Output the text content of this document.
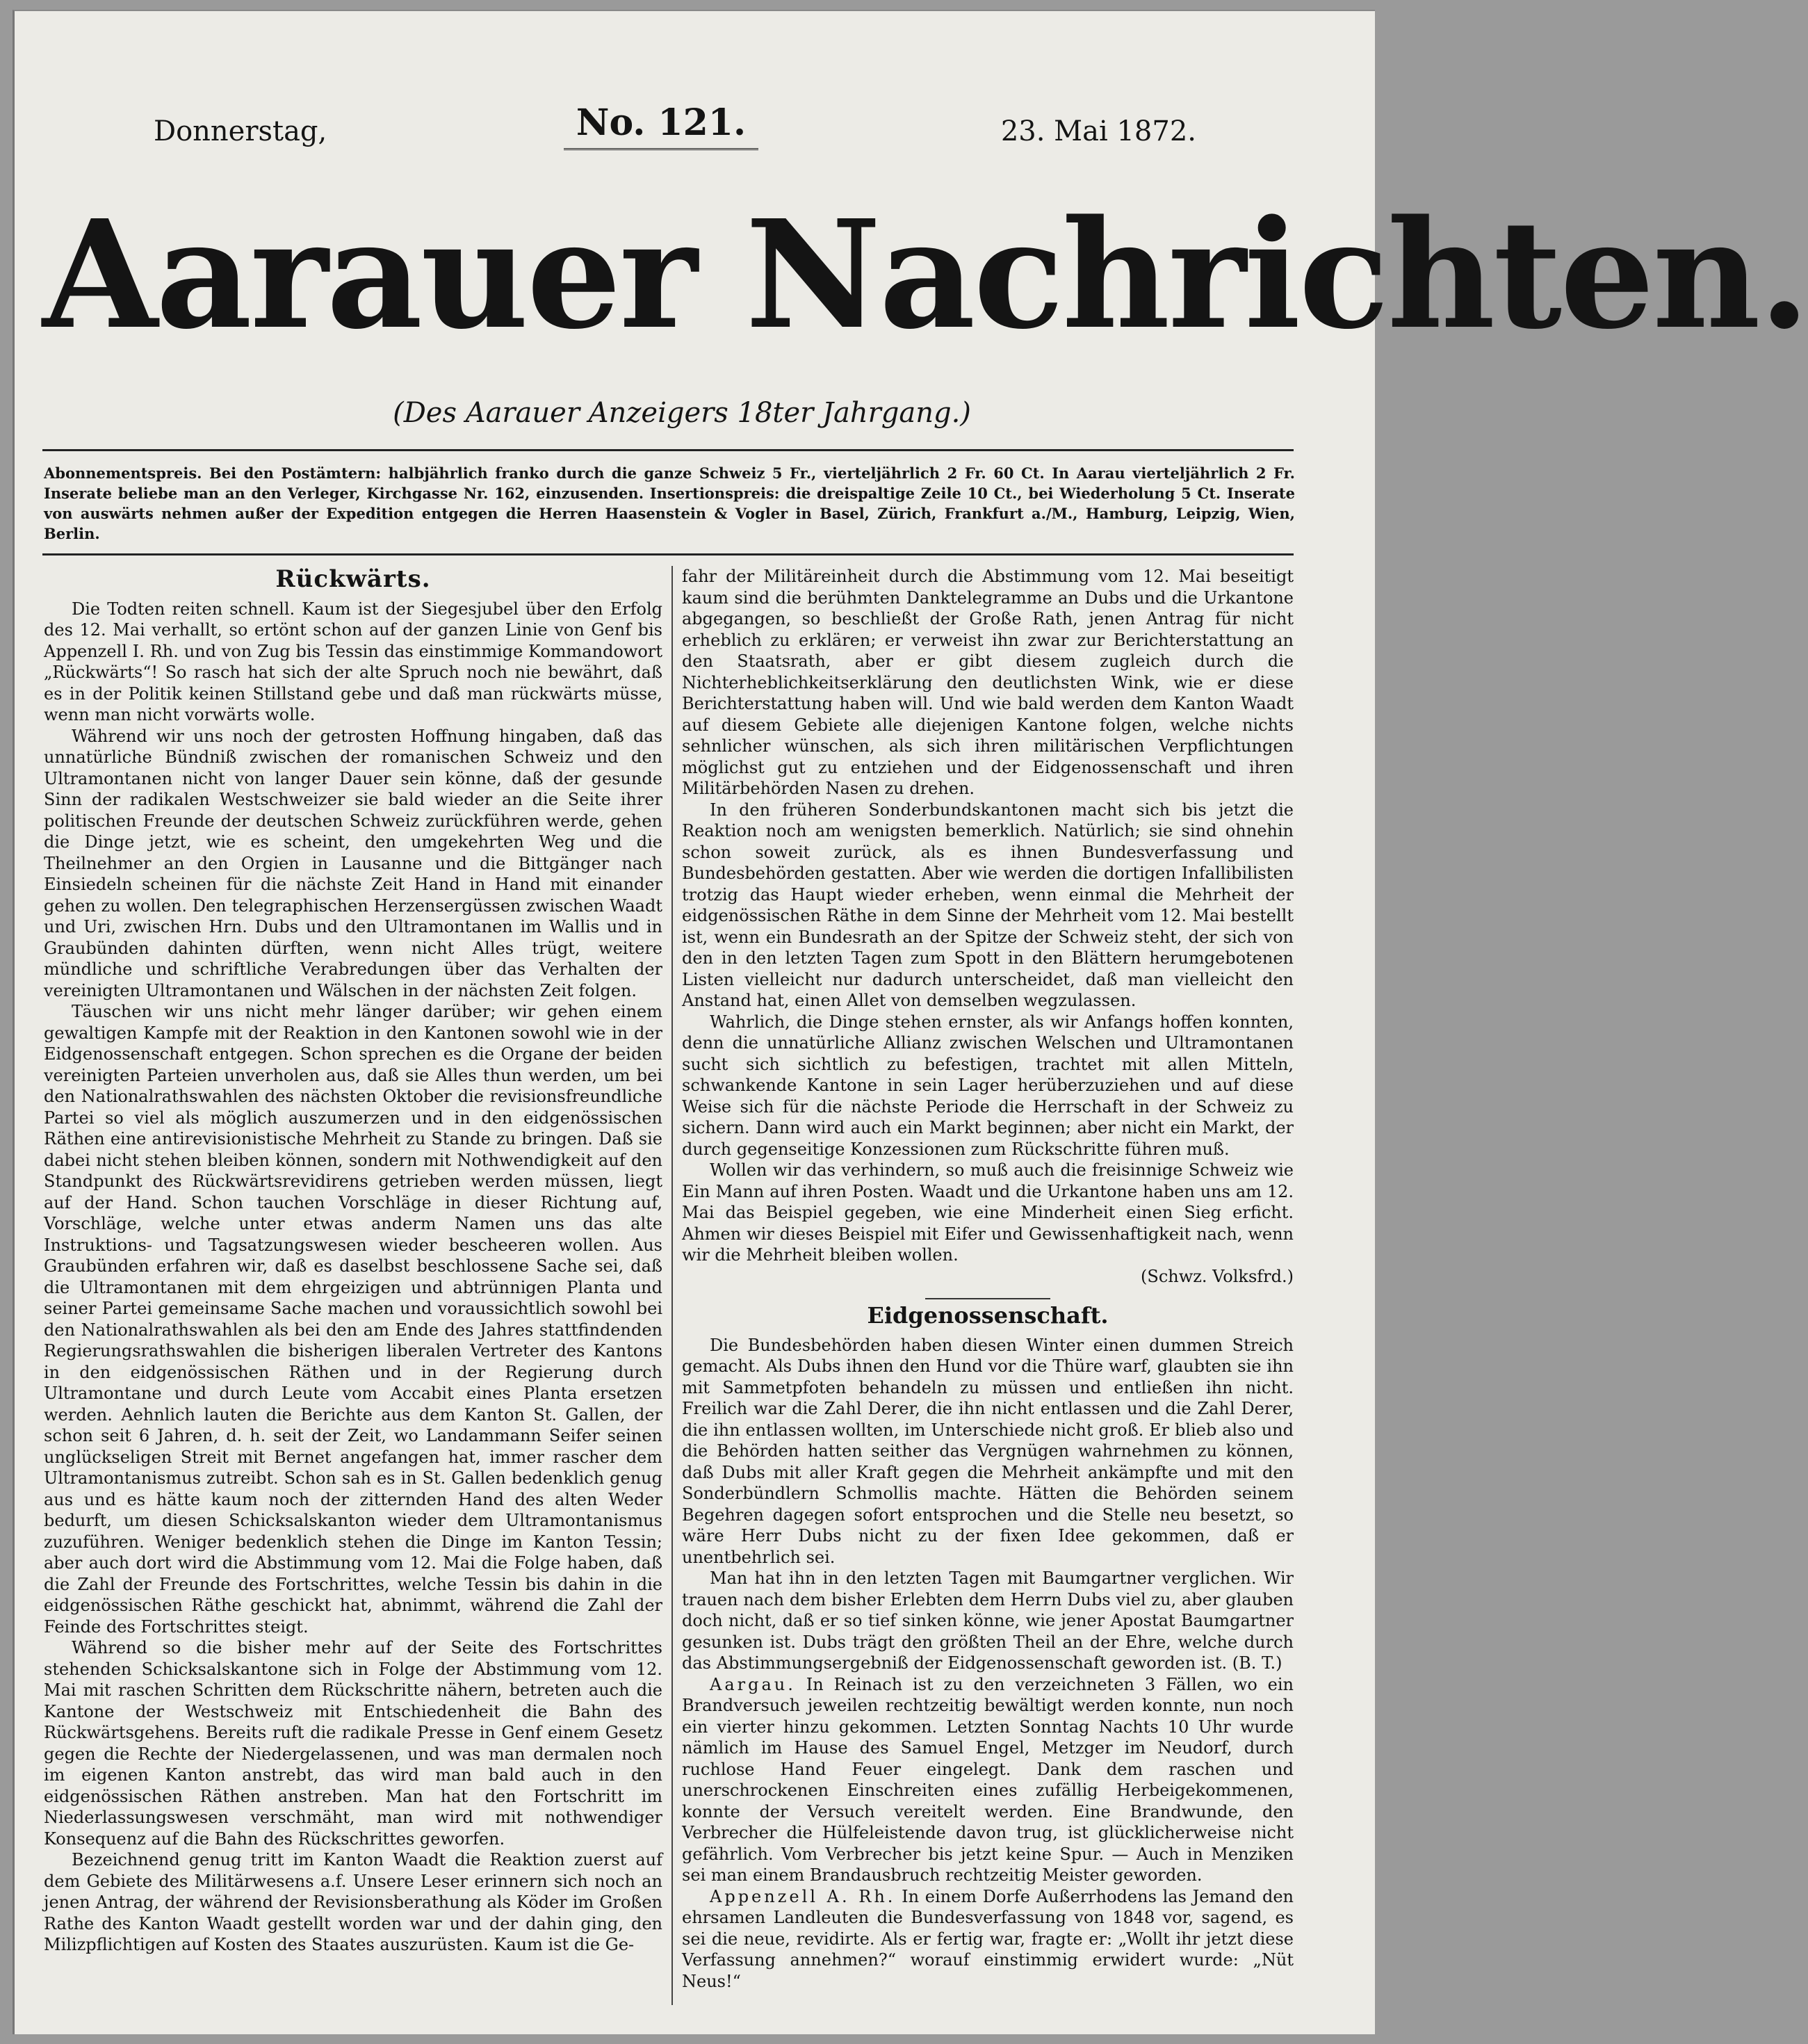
Donnerstag,	No. 121.	23. Mai 1872.
Aarauer Nachrichten.
(Des Aarauer Anzeigers 18ter Jahrgang.)
Abonnementspreis. Bei den Postämtern: halbjährlich franko durch die ganze Schweiz 5 Fr., vierteljährlich 2 Fr. 60 Ct. In Aarau vierteljährlich 2 Fr. Inserate beliebe man an den Verleger, Kirchgasse Nr. 162, einzusenden. Insertionspreis: die dreispaltige Zeile 10 Ct., bei Wiederholung 5 Ct. Inserate von auswärts nehmen außer der Expedition entgegen die Herren Haasenstein & Vogler in Basel, Zürich, Frankfurt a./M., Hamburg, Leipzig, Wien, Berlin.
Rückwärts.

Die Todten reiten schnell. Kaum ist der Siegesjubel über den Erfolg des 12. Mai verhallt, so ertönt schon auf der ganzen Linie von Genf bis Appenzell I. Rh. und von Zug bis Tessin das einstimmige Kommandowort „Rückwärts“! So rasch hat sich der alte Spruch noch nie bewährt, daß es in der Politik keinen Stillstand gebe und daß man rückwärts müsse, wenn man nicht vorwärts wolle.

Während wir uns noch der getrosten Hoffnung hingaben, daß das unnatürliche Bündniß zwischen der romanischen Schweiz und den Ultramontanen nicht von langer Dauer sein könne, daß der gesunde Sinn der radikalen Westschweizer sie bald wieder an die Seite ihrer politischen Freunde der deutschen Schweiz zurückführen werde, gehen die Dinge jetzt, wie es scheint, den umgekehrten Weg und die Theilnehmer an den Orgien in Lausanne und die Bittgänger nach Einsiedeln scheinen für die nächste Zeit Hand in Hand mit einander gehen zu wollen. Den telegraphischen Herzensergüssen zwischen Waadt und Uri, zwischen Hrn. Dubs und den Ultramontanen im Wallis und in Graubünden dahinten dürften, wenn nicht Alles trügt, weitere mündliche und schriftliche Verabredungen über das Verhalten der vereinigten Ultramontanen und Wälschen in der nächsten Zeit folgen.

Täuschen wir uns nicht mehr länger darüber; wir gehen einem gewaltigen Kampfe mit der Reaktion in den Kantonen sowohl wie in der Eidgenossenschaft entgegen. Schon sprechen es die Organe der beiden vereinigten Parteien unverholen aus, daß sie Alles thun werden, um bei den Nationalrathswahlen des nächsten Oktober die revisionsfreundliche Partei so viel als möglich auszumerzen und in den eidgenössischen Räthen eine antirevisionistische Mehrheit zu Stande zu bringen. Daß sie dabei nicht stehen bleiben können, sondern mit Nothwendigkeit auf den Standpunkt des Rückwärtsrevidirens getrieben werden müssen, liegt auf der Hand. Schon tauchen Vorschläge in dieser Richtung auf, Vorschläge, welche unter etwas anderm Namen uns das alte Instruktions- und Tagsatzungswesen wieder bescheeren wollen. Aus Graubünden erfahren wir, daß es daselbst beschlossene Sache sei, daß die Ultramontanen mit dem ehrgeizigen und abtrünnigen Planta und seiner Partei gemeinsame Sache machen und voraussichtlich sowohl bei den Nationalrathswahlen als bei den am Ende des Jahres stattfindenden Regierungsrathswahlen die bisherigen liberalen Vertreter des Kantons in den eidgenössischen Räthen und in der Regierung durch Ultramontane und durch Leute vom Accabit eines Planta ersetzen werden. Aehnlich lauten die Berichte aus dem Kanton St. Gallen, der schon seit 6 Jahren, d. h. seit der Zeit, wo Landammann Seifer seinen unglückseligen Streit mit Bernet angefangen hat, immer rascher dem Ultramontanismus zutreibt. Schon sah es in St. Gallen bedenklich genug aus und es hätte kaum noch der zitternden Hand des alten Weder bedurft, um diesen Schicksalskanton wieder dem Ultramontanismus zuzuführen. Weniger bedenklich stehen die Dinge im Kanton Tessin; aber auch dort wird die Abstimmung vom 12. Mai die Folge haben, daß die Zahl der Freunde des Fortschrittes, welche Tessin bis dahin in die eidgenössischen Räthe geschickt hat, abnimmt, während die Zahl der Feinde des Fortschrittes steigt.

Während so die bisher mehr auf der Seite des Fortschrittes stehenden Schicksalskantone sich in Folge der Abstimmung vom 12. Mai mit raschen Schritten dem Rückschritte nähern, betreten auch die Kantone der Westschweiz mit Entschiedenheit die Bahn des Rückwärtsgehens. Bereits ruft die radikale Presse in Genf einem Gesetz gegen die Rechte der Niedergelassenen, und was man dermalen noch im eigenen Kanton anstrebt, das wird man bald auch in den eidgenössischen Räthen anstreben. Man hat den Fortschritt im Niederlassungswesen verschmäht, man wird mit nothwendiger Konsequenz auf die Bahn des Rückschrittes geworfen.

Bezeichnend genug tritt im Kanton Waadt die Reaktion zuerst auf dem Gebiete des Militärwesens a.f. Unsere Leser erinnern sich noch an jenen Antrag, der während der Revisionsberathung als Köder im Großen Rathe des Kanton Waadt gestellt worden war und der dahin ging, den Milizpflichtigen auf Kosten des Staates auszurüsten. Kaum ist die Ge-

fahr der Militäreinheit durch die Abstimmung vom 12. Mai beseitigt kaum sind die berühmten Danktelegramme an Dubs und die Urkantone abgegangen, so beschließt der Große Rath, jenen Antrag für nicht erheblich zu erklären; er verweist ihn zwar zur Berichterstattung an den Staatsrath, aber er gibt diesem zugleich durch die Nichterheblichkeitserklärung den deutlichsten Wink, wie er diese Berichterstattung haben will. Und wie bald werden dem Kanton Waadt auf diesem Gebiete alle diejenigen Kantone folgen, welche nichts sehnlicher wünschen, als sich ihren militärischen Verpflichtungen möglichst gut zu entziehen und der Eidgenossenschaft und ihren Militärbehörden Nasen zu drehen.

In den früheren Sonderbundskantonen macht sich bis jetzt die Reaktion noch am wenigsten bemerklich. Natürlich; sie sind ohnehin schon soweit zurück, als es ihnen Bundesverfassung und Bundesbehörden gestatten. Aber wie werden die dortigen Infallibilisten trotzig das Haupt wieder erheben, wenn einmal die Mehrheit der eidgenössischen Räthe in dem Sinne der Mehrheit vom 12. Mai bestellt ist, wenn ein Bundesrath an der Spitze der Schweiz steht, der sich von den in den letzten Tagen zum Spott in den Blättern herumgebotenen Listen vielleicht nur dadurch unterscheidet, daß man vielleicht den Anstand hat, einen Allet von demselben wegzulassen.

Wahrlich, die Dinge stehen ernster, als wir Anfangs hoffen konnten, denn die unnatürliche Allianz zwischen Welschen und Ultramontanen sucht sich sichtlich zu befestigen, trachtet mit allen Mitteln, schwankende Kantone in sein Lager herüberzuziehen und auf diese Weise sich für die nächste Periode die Herrschaft in der Schweiz zu sichern. Dann wird auch ein Markt beginnen; aber nicht ein Markt, der durch gegenseitige Konzessionen zum Rückschritte führen muß.

Wollen wir das verhindern, so muß auch die freisinnige Schweiz wie Ein Mann auf ihren Posten. Waadt und die Urkantone haben uns am 12. Mai das Beispiel gegeben, wie eine Minderheit einen Sieg erficht. Ahmen wir dieses Beispiel mit Eifer und Gewissenhaftigkeit nach, wenn wir die Mehrheit bleiben wollen.

(Schwz. Volksfrd.)
Eidgenossenschaft.

Die Bundesbehörden haben diesen Winter einen dummen Streich gemacht. Als Dubs ihnen den Hund vor die Thüre warf, glaubten sie ihn mit Sammetpfoten behandeln zu müssen und entließen ihn nicht. Freilich war die Zahl Derer, die ihn nicht entlassen und die Zahl Derer, die ihn entlassen wollten, im Unterschiede nicht groß. Er blieb also und die Behörden hatten seither das Vergnügen wahrnehmen zu können, daß Dubs mit aller Kraft gegen die Mehrheit ankämpfte und mit den Sonderbündlern Schmollis machte. Hätten die Behörden seinem Begehren dagegen sofort entsprochen und die Stelle neu besetzt, so wäre Herr Dubs nicht zu der fixen Idee gekommen, daß er unentbehrlich sei.

Man hat ihn in den letzten Tagen mit Baumgartner verglichen. Wir trauen nach dem bisher Erlebten dem Herrn Dubs viel zu, aber glauben doch nicht, daß er so tief sinken könne, wie jener Apostat Baumgartner gesunken ist. Dubs trägt den größten Theil an der Ehre, welche durch das Abstimmungsergebniß der Eidgenossenschaft geworden ist. (B. T.)

Aargau. In Reinach ist zu den verzeichneten 3 Fällen, wo ein Brandversuch jeweilen rechtzeitig bewältigt werden konnte, nun noch ein vierter hinzu gekommen. Letzten Sonntag Nachts 10 Uhr wurde nämlich im Hause des Samuel Engel, Metzger im Neudorf, durch ruchlose Hand Feuer eingelegt. Dank dem raschen und unerschrockenen Einschreiten eines zufällig Herbeigekommenen, konnte der Versuch vereitelt werden. Eine Brandwunde, den Verbrecher die Hülfeleistende davon trug, ist glücklicherweise nicht gefährlich. Vom Verbrecher bis jetzt keine Spur. — Auch in Menziken sei man einem Brandausbruch rechtzeitig Meister geworden.

Appenzell A. Rh. In einem Dorfe Außerrhodens las Jemand den ehrsamen Landleuten die Bundesverfassung von 1848 vor, sagend, es sei die neue, revidirte. Als er fertig war, fragte er: „Wollt ihr jetzt diese Verfassung annehmen?“ worauf einstimmig erwidert wurde: „Nüt Neus!“
